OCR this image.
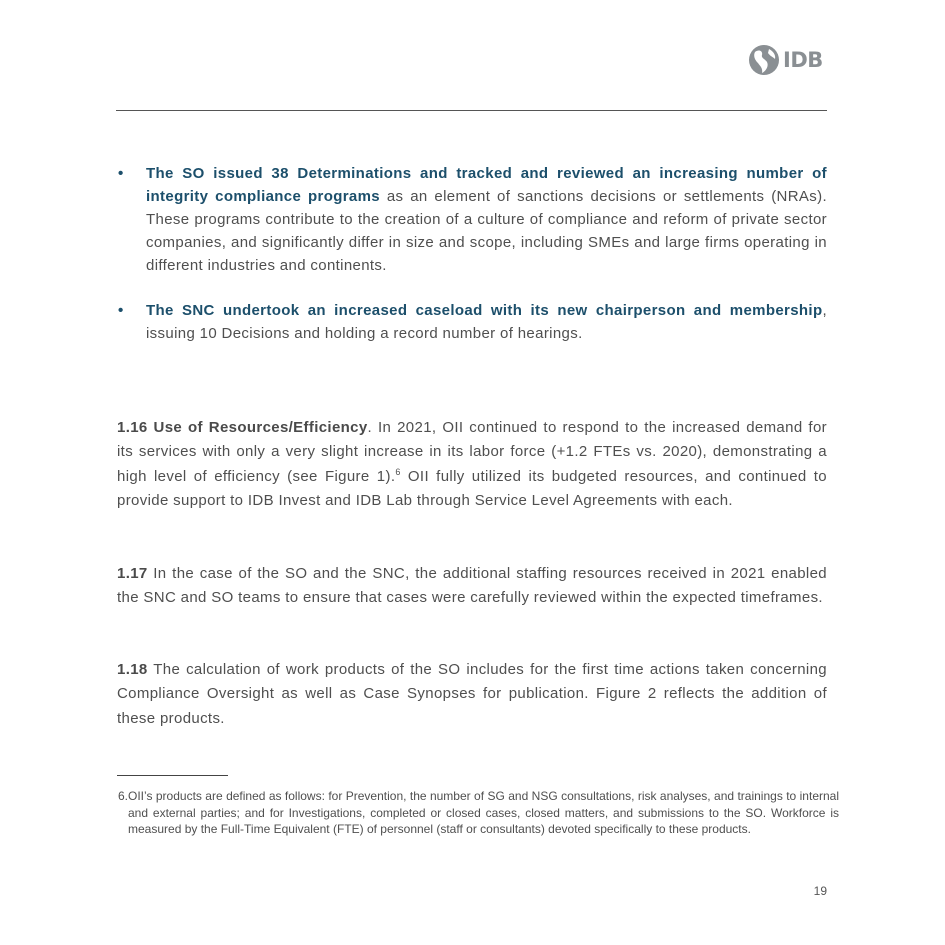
IDB
• The SO issued 38 Determinations and tracked and reviewed an increasing number of integrity compliance programs as an element of sanctions decisions or settlements (NRAs). These programs contribute to the creation of a culture of compliance and reform of private sector companies, and significantly differ in size and scope, including SMEs and large firms operating in different industries and continents.
• The SNC undertook an increased caseload with its new chairperson and membership, issuing 10 Decisions and holding a record number of hearings.

1.16 Use of Resources/Efficiency. In 2021, OII continued to respond to the increased demand for its services with only a very slight increase in its labor force (+1.2 FTEs vs. 2020), demonstrating a high level of efficiency (see Figure 1).$^6$ OII fully utilized its budgeted resources, and continued to provide support to IDB Invest and IDB Lab through Service Level Agreements with each.

1.17 In the case of the SO and the SNC, the additional staffing resources received in 2021 enabled the SNC and SO teams to ensure that cases were carefully reviewed within the expected timeframes.

1.18 The calculation of work products of the SO includes for the first time actions taken concerning Compliance Oversight as well as Case Synopses for publication. Figure 2 reflects the addition of these products.

6.OII’s products are defined as follows: for Prevention, the number of SG and NSG consultations, risk analyses, and trainings to internal and external parties; and for Investigations, completed or closed cases, closed matters, and submissions to the SO. Workforce is measured by the Full-Time Equivalent (FTE) of personnel (staff or consultants) devoted specifically to these products.

19
